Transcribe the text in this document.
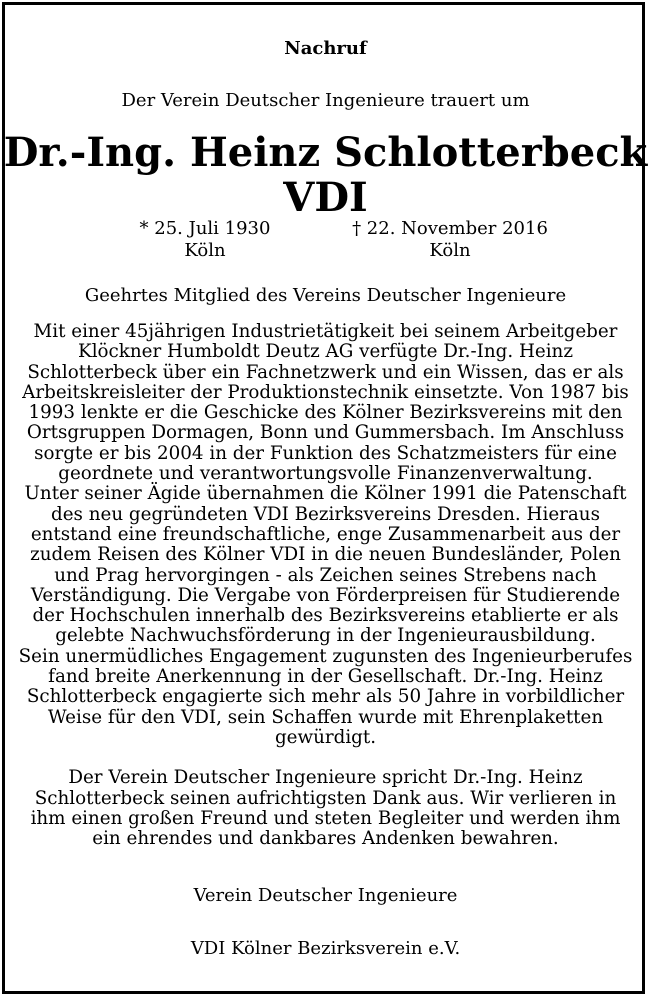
Nachruf
Der Verein Deutscher Ingenieure trauert um
Dr.-Ing. Heinz Schlotterbeck
VDI
* 25. Juli 1930
Köln
† 22. November 2016
Köln
Geehrtes Mitglied des Vereins Deutscher Ingenieure

Mit einer 45jährigen Industrietätigkeit bei seinem Arbeitgeber Klöckner Humboldt Deutz AG verfügte Dr.-Ing. Heinz Schlotterbeck über ein Fachnetzwerk und ein Wissen, das er als Arbeitskreisleiter der Produktionstechnik einsetzte. Von 1987 bis 1993 lenkte er die Geschicke des Kölner Bezirksvereins mit den Ortsgruppen Dormagen, Bonn und Gummersbach. Im Anschluss sorgte er bis 2004 in der Funktion des Schatzmeisters für eine geordnete und verantwortungsvolle Finanzenverwaltung.

Unter seiner Ägide übernahmen die Kölner 1991 die Patenschaft des neu gegründeten VDI Bezirksvereins Dresden. Hieraus entstand eine freundschaftliche, enge Zusammenarbeit aus der zudem Reisen des Kölner VDI in die neuen Bundesländer, Polen und Prag hervorgingen - als Zeichen seines Strebens nach Verständigung. Die Vergabe von Förderpreisen für Studierende der Hochschulen innerhalb des Bezirksvereins etablierte er als gelebte Nachwuchsförderung in der Ingenieurausbildung.

Sein unermüdliches Engagement zugunsten des Ingenieurberufes fand breite Anerkennung in der Gesellschaft. Dr.-Ing. Heinz Schlotterbeck engagierte sich mehr als 50 Jahre in vorbildlicher Weise für den VDI, sein Schaffen wurde mit Ehrenplaketten gewürdigt.

Der Verein Deutscher Ingenieure spricht Dr.-Ing. Heinz Schlotterbeck seinen aufrichtigsten Dank aus. Wir verlieren in ihm einen großen Freund und steten Begleiter und werden ihm ein ehrendes und dankbares Andenken bewahren.

Verein Deutscher Ingenieure
VDI Kölner Bezirksverein e.V.
